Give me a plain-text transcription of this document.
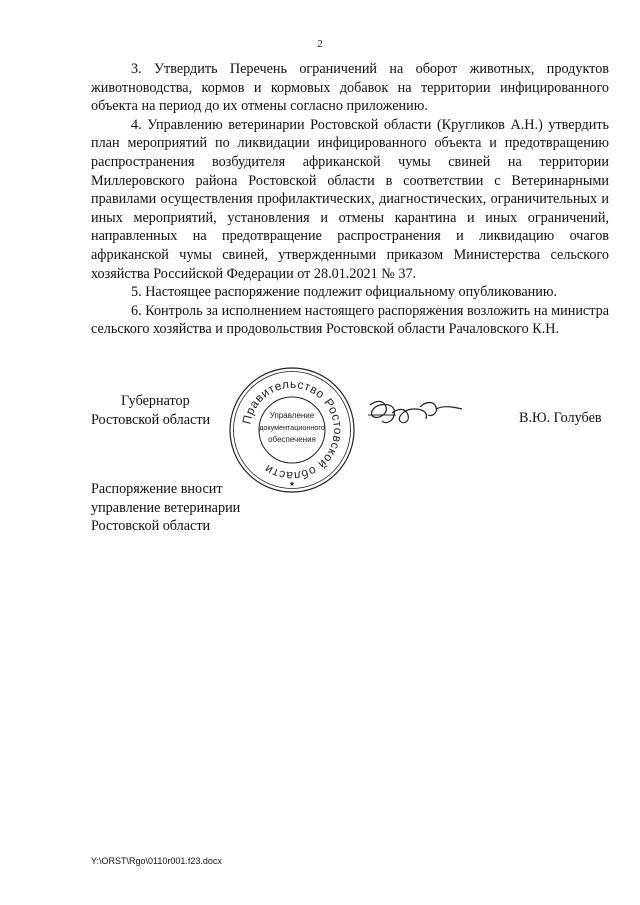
2

3. Утвердить Перечень ограничений на оборот животных, продуктов животноводства, кормов и кормовых добавок на территории инфицированного объекта на период до их отмены согласно приложению.

4. Управлению ветеринарии Ростовской области (Кругликов А.Н.) утвердить план мероприятий по ликвидации инфицированного объекта и предотвращению распространения возбудителя африканской чумы свиней на территории Миллеровского района Ростовской области в соответствии с Ветеринарными правилами осуществления профилактических, диагностических, ограничительных и иных мероприятий, установления и отмены карантина и иных ограничений, направленных на предотвращение распространения и ликвидацию очагов африканской чумы свиней, утвержденными приказом Министерства сельского хозяйства Российской Федерации от 28.01.2021 № 37.

5. Настоящее распоряжение подлежит официальному опубликованию.

6. Контроль за исполнением настоящего распоряжения возложить на министра сельского хозяйства и продовольствия Ростовской области Рачаловского К.Н.

Губернатор
Ростовской области Правительство Ростовской области
Управление
документационного
обеспечения
★
В.Ю. Голубев
Распоряжение вносит
управление ветеринарии
Ростовской области
Y:\ORST\Rgo\0110r001.f23.docx
